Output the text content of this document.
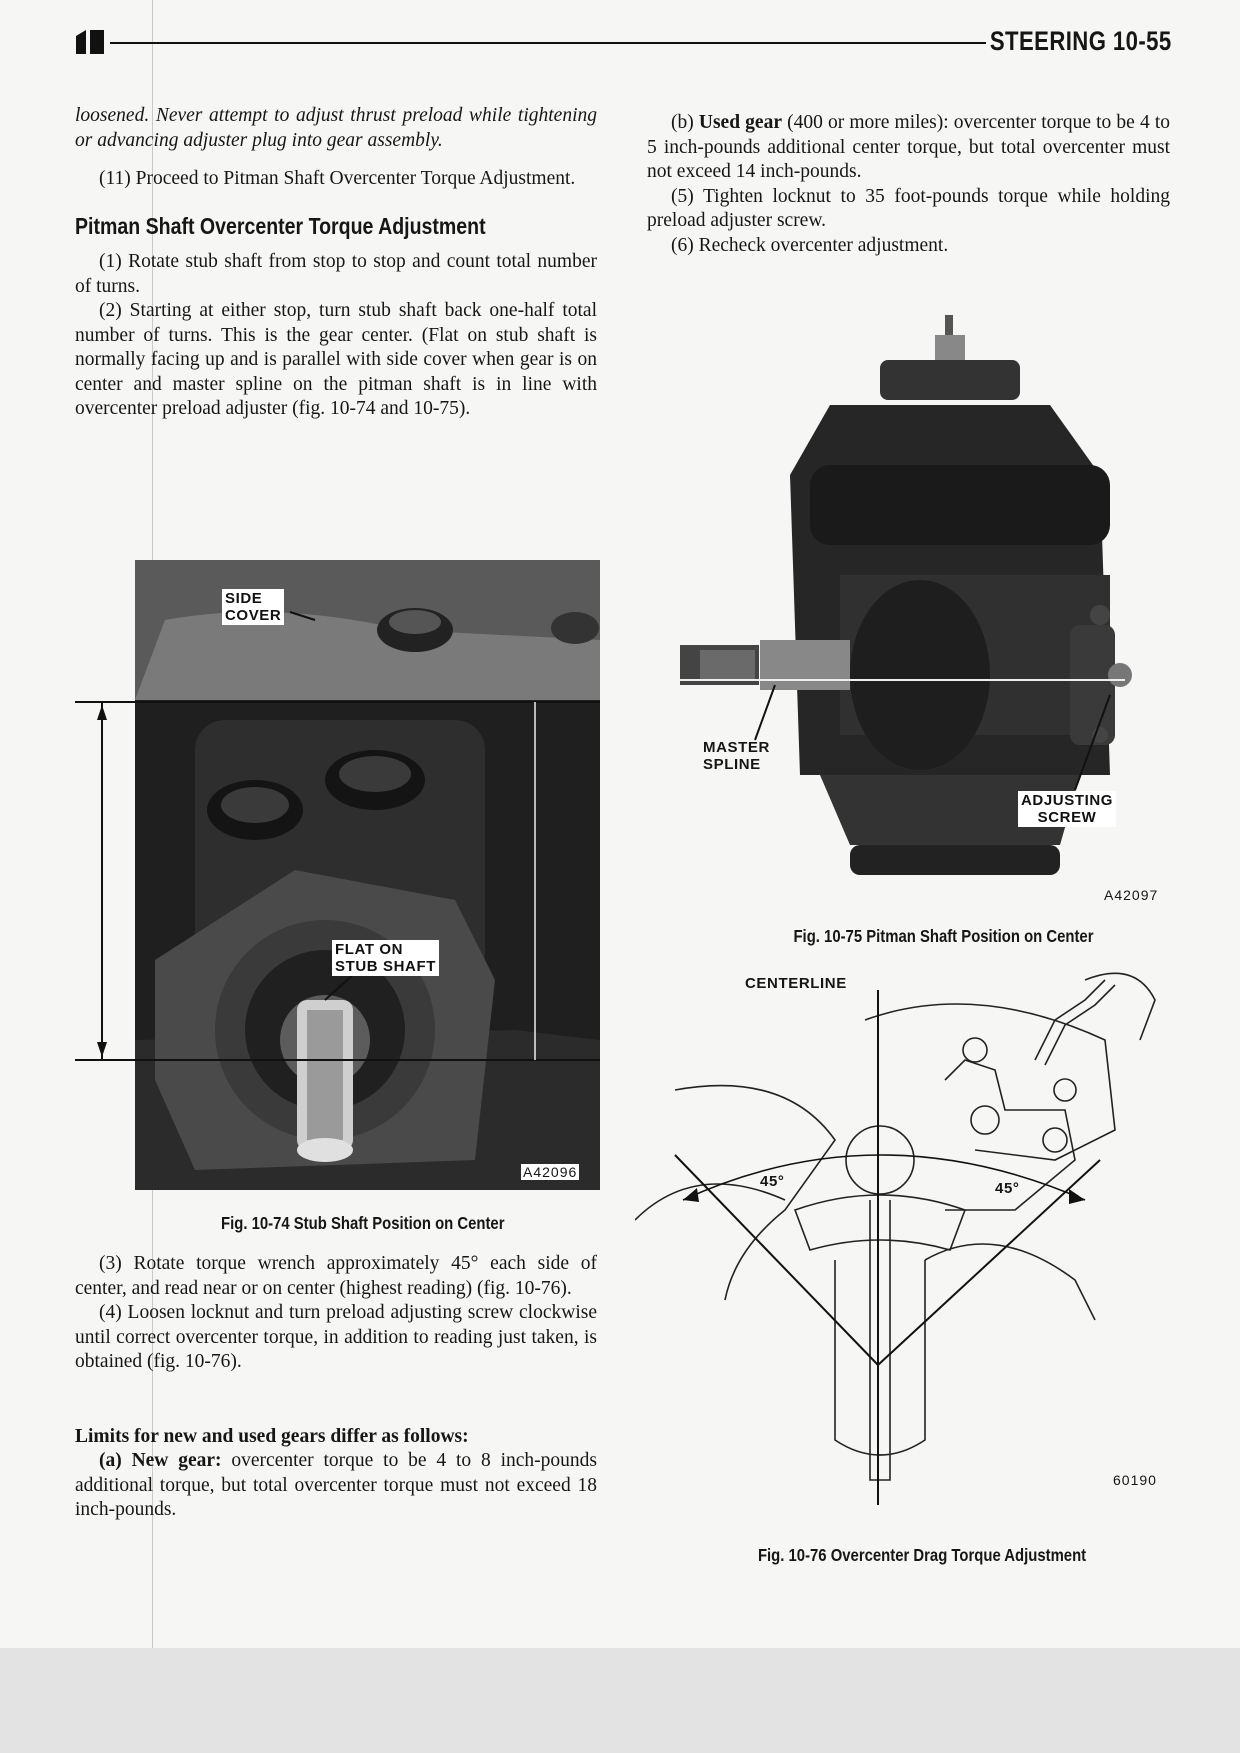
STEERING 10-55

loosened. Never attempt to adjust thrust preload while tightening or advancing adjuster plug into gear assembly.

(11) Proceed to Pitman Shaft Overcenter Torque Adjustment.

Pitman Shaft Overcenter Torque Adjustment

(1) Rotate stub shaft from stop to stop and count total number of turns.

(2) Starting at either stop, turn stub shaft back one-half total number of turns. This is the gear center. (Flat on stub shaft is normally facing up and is parallel with side cover when gear is on center and master spline on the pitman shaft is in line with overcenter preload adjuster (fig. 10-74 and 10-75).

SIDE
COVER
FLAT ON
STUB SHAFT
A42096
Fig. 10-74 Stub Shaft Position on Center

(3) Rotate torque wrench approximately 45° each side of center, and read near or on center (highest reading) (fig. 10-76).

(4) Loosen locknut and turn preload adjusting screw clockwise until correct overcenter torque, in addition to reading just taken, is obtained (fig. 10-76).

Limits for new and used gears differ as follows:

(a) New gear: overcenter torque to be 4 to 8 inch-pounds additional torque, but total overcenter torque must not exceed 18 inch-pounds.

(b) Used gear (400 or more miles): overcenter torque to be 4 to 5 inch-pounds additional center torque, but total overcenter must not exceed 14 inch-pounds.

(5) Tighten locknut to 35 foot-pounds torque while holding preload adjuster screw.

(6) Recheck overcenter adjustment.

MASTER
SPLINE
ADJUSTING
SCREW
A42097
Fig. 10-75 Pitman Shaft Position on Center
CENTERLINE
45°	45°
60190
Fig. 10-76 Overcenter Drag Torque Adjustment
